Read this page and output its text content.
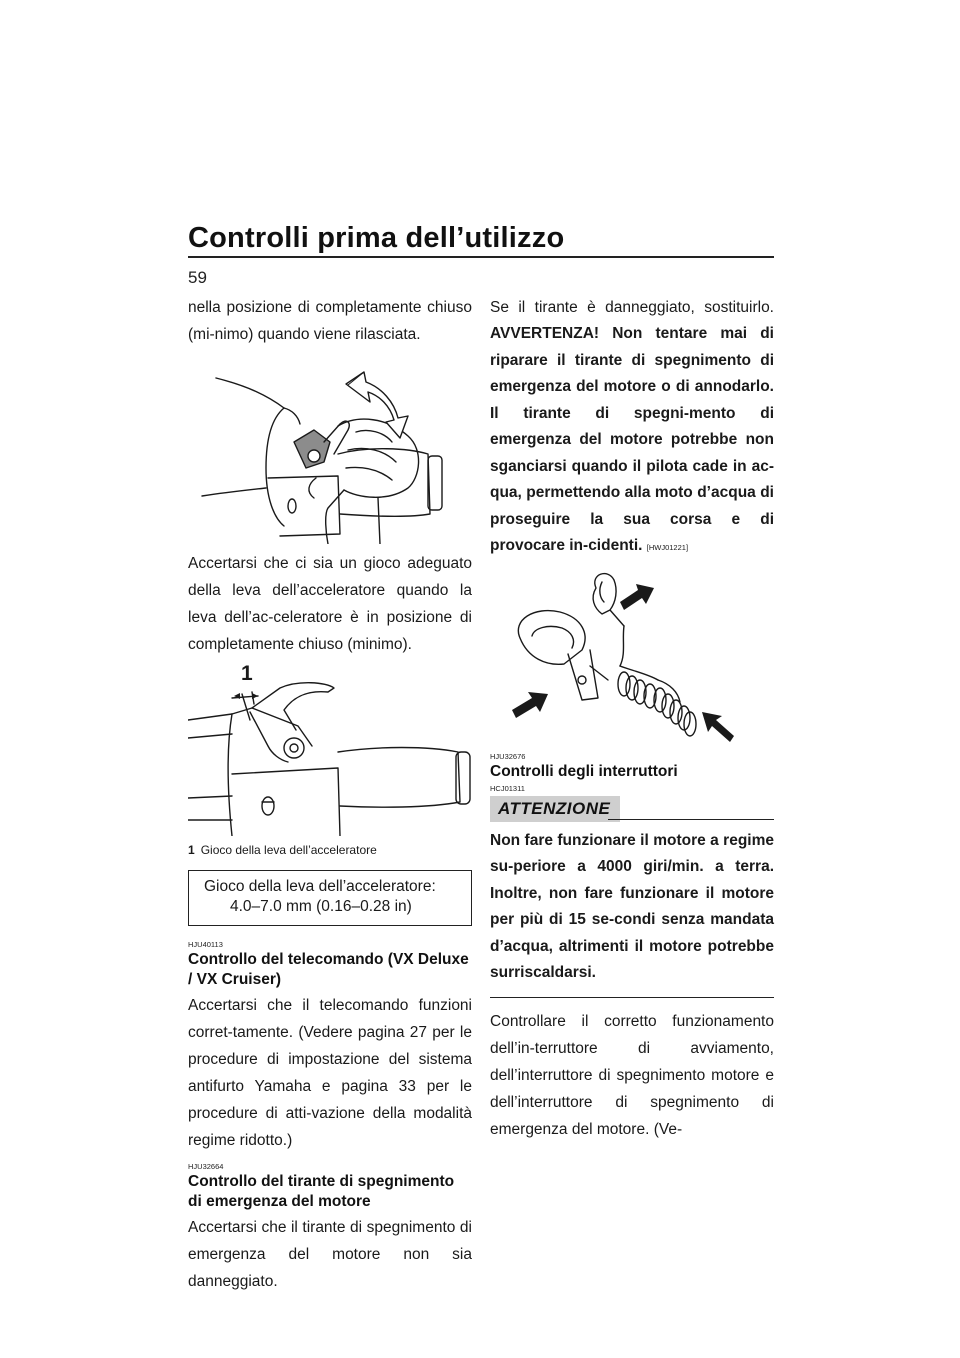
Controlli prima dell’utilizzo
59

nella posizione di completamente chiuso (mi-nimo) quando viene rilasciata.

Accertarsi che ci sia un gioco adeguato della leva dell’acceleratore quando la leva dell’ac-celeratore è in posizione di completamente chiuso (minimo).

1

1 Gioco della leva dell’acceleratore

Gioco della leva dell’acceleratore:
4.0–7.0 mm (0.16–0.28 in)

HJU40113

Controllo del telecomando (VX Deluxe / VX Cruiser)

Accertarsi che il telecomando funzioni corret-tamente. (Vedere pagina 27 per le procedure di impostazione del sistema antifurto Yamaha e pagina 33 per le procedure di atti-vazione della modalità regime ridotto.)

HJU32664

Controllo del tirante di spegnimento di emergenza del motore

Accertarsi che il tirante di spegnimento di emergenza del motore non sia danneggiato.

Se il tirante è danneggiato, sostituirlo.

AVVERTENZA! Non tentare mai di riparare il tirante di spegnimento di emergenza del motore o di annodarlo. Il tirante di spegni-mento di emergenza del motore potrebbe non sganciarsi quando il pilota cade in ac-qua, permettendo alla moto d’acqua di proseguire la sua corsa e di provocare in-cidenti. [HWJ01221]

HJU32676

Controlli degli interruttori

HCJ01311

ATTENZIONE

Non fare funzionare il motore a regime su-periore a 4000 giri/min. a terra. Inoltre, non fare funzionare il motore per più di 15 se-condi senza mandata d’acqua, altrimenti il motore potrebbe surriscaldarsi.

Controllare il corretto funzionamento dell’in-terruttore di avviamento, dell’interruttore di spegnimento motore e dell’interruttore di spegnimento di emergenza del motore. (Ve-
